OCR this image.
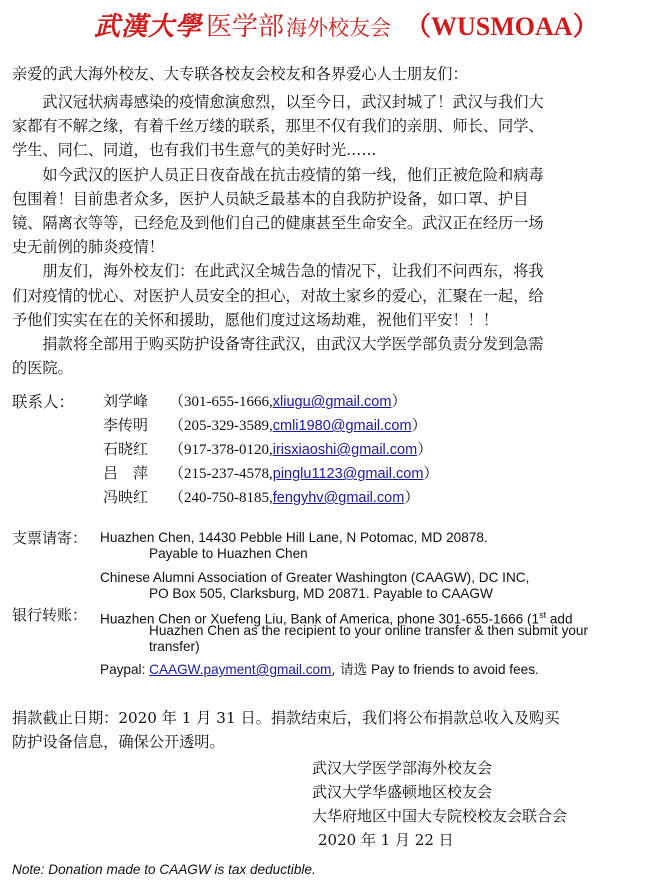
武漢大學 医学部 海外校友会 （WUSMOAA）
亲爱的武大海外校友、大专联各校友会校友和各界爱心人士朋友们：
　　武汉冠状病毒感染的疫情愈演愈烈，以至今日，武汉封城了！武汉与我们大
家都有不解之缘，有着千丝万缕的联系，那里不仅有我们的亲朋、师长、同学、
学生、同仁、同道，也有我们书生意气的美好时光……
　　如今武汉的医护人员正日夜奋战在抗击疫情的第一线，他们正被危险和病毒
包围着！目前患者众多，医护人员缺乏最基本的自我防护设备，如口罩、护目
镜、隔离衣等等，已经危及到他们自己的健康甚至生命安全。武汉正在经历一场
史无前例的肺炎疫情！
　　朋友们，海外校友们：在此武汉全城告急的情况下，让我们不问西东，将我
们对疫情的忧心、对医护人员安全的担心，对故土家乡的爱心，汇聚在一起，给
予他们实实在在的关怀和援助，愿他们度过这场劫难，祝他们平安！！！
　　捐款将全部用于购买防护设备寄往武汉，由武汉大学医学部负责分发到急需
的医院。
联系人： 刘学峰	（301-655-1666, xliugu@gmail.com ）
李传明	（205-329-3589, cmli1980@gmail.com ）
石晓红	（917-378-0120, irisxiaoshi@gmail.com ）
吕　萍	（215-237-4578, pinglu1123@gmail.com ）
冯映红	（240-750-8185, fengyhv@gmail.com ）
支票请寄： Huazhen Chen, 14430 Pebble Hill Lane, N Potomac, MD 20878.
Payable to Huazhen Chen
Chinese Alumni Association of Greater Washington (CAAGW), DC INC,
PO Box 505, Clarksburg, MD 20871. Payable to CAAGW
银行转账： Huazhen Chen or Xuefeng Liu, Bank of America, phone 301-655-1666 (1st add
Huazhen Chen as the recipient to your online transfer & then submit your
transfer)
Paypal: CAAGW.payment@gmail.com, 请选 Pay to friends to avoid fees.
捐款截止日期：2020 年 1 月 31 日。捐款结束后，我们将公布捐款总收入及购买
防护设备信息，确保公开透明。
武汉大学医学部海外校友会
武汉大学华盛顿地区校友会
大华府地区中国大专院校校友会联合会
2020 年 1 月 22 日
Note: Donation made to CAAGW is tax deductible.
